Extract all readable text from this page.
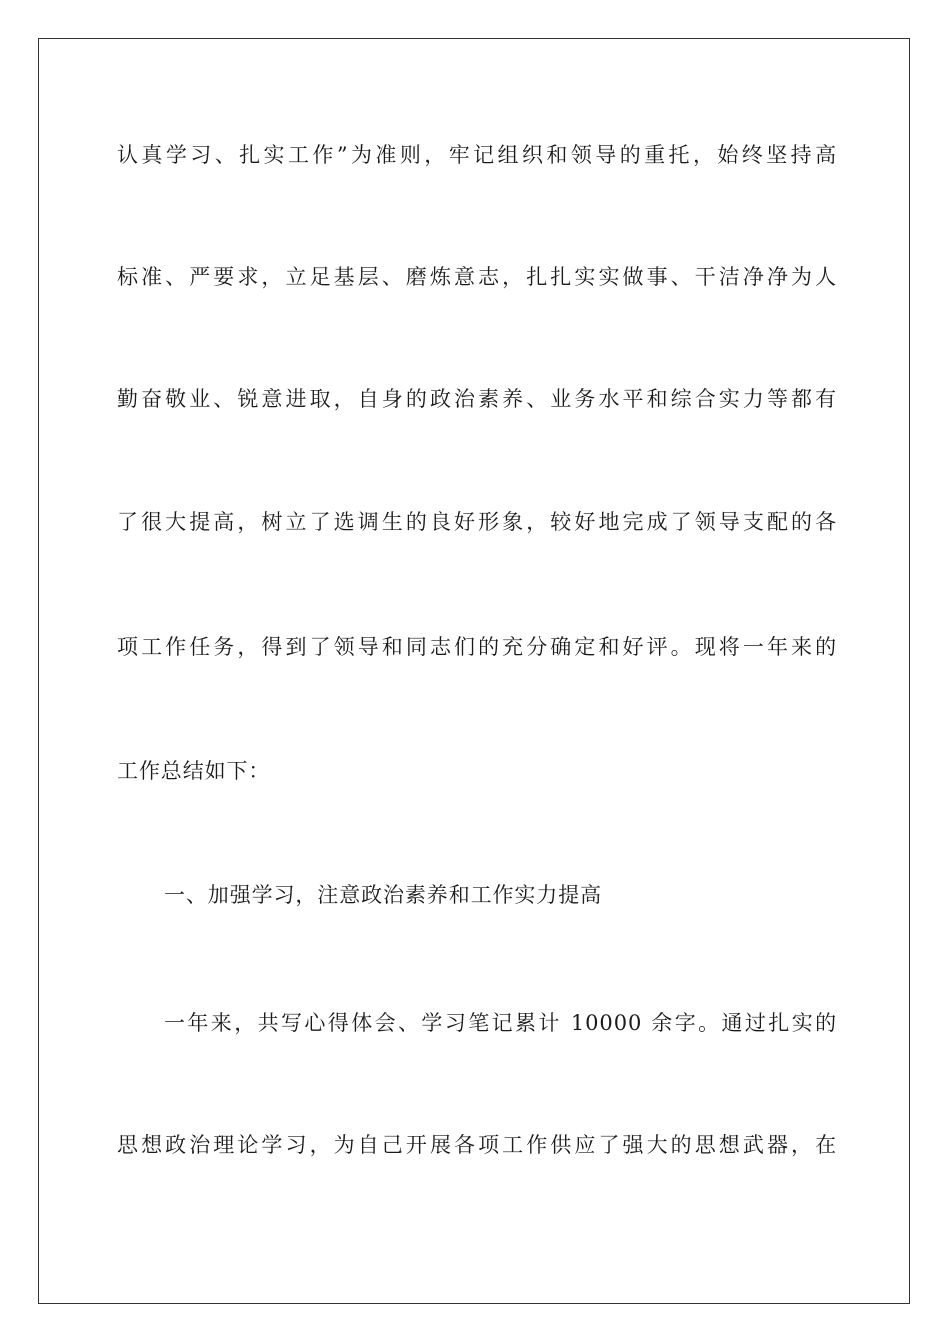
认真学习、扎实工作”为准则，牢记组织和领导的重托，始终坚持高
标准、严要求，立足基层、磨炼意志，扎扎实实做事、干洁净净为人
勤奋敬业、锐意进取，自身的政治素养、业务水平和综合实力等都有
了很大提高，树立了选调生的良好形象，较好地完成了领导支配的各
项工作任务，得到了领导和同志们的充分确定和好评。现将一年来的
工作总结如下：
一、加强学习，注意政治素养和工作实力提高
一年来，共写心得体会、学习笔记累计 10000 余字。通过扎实的
思想政治理论学习，为自己开展各项工作供应了强大的思想武器，在
